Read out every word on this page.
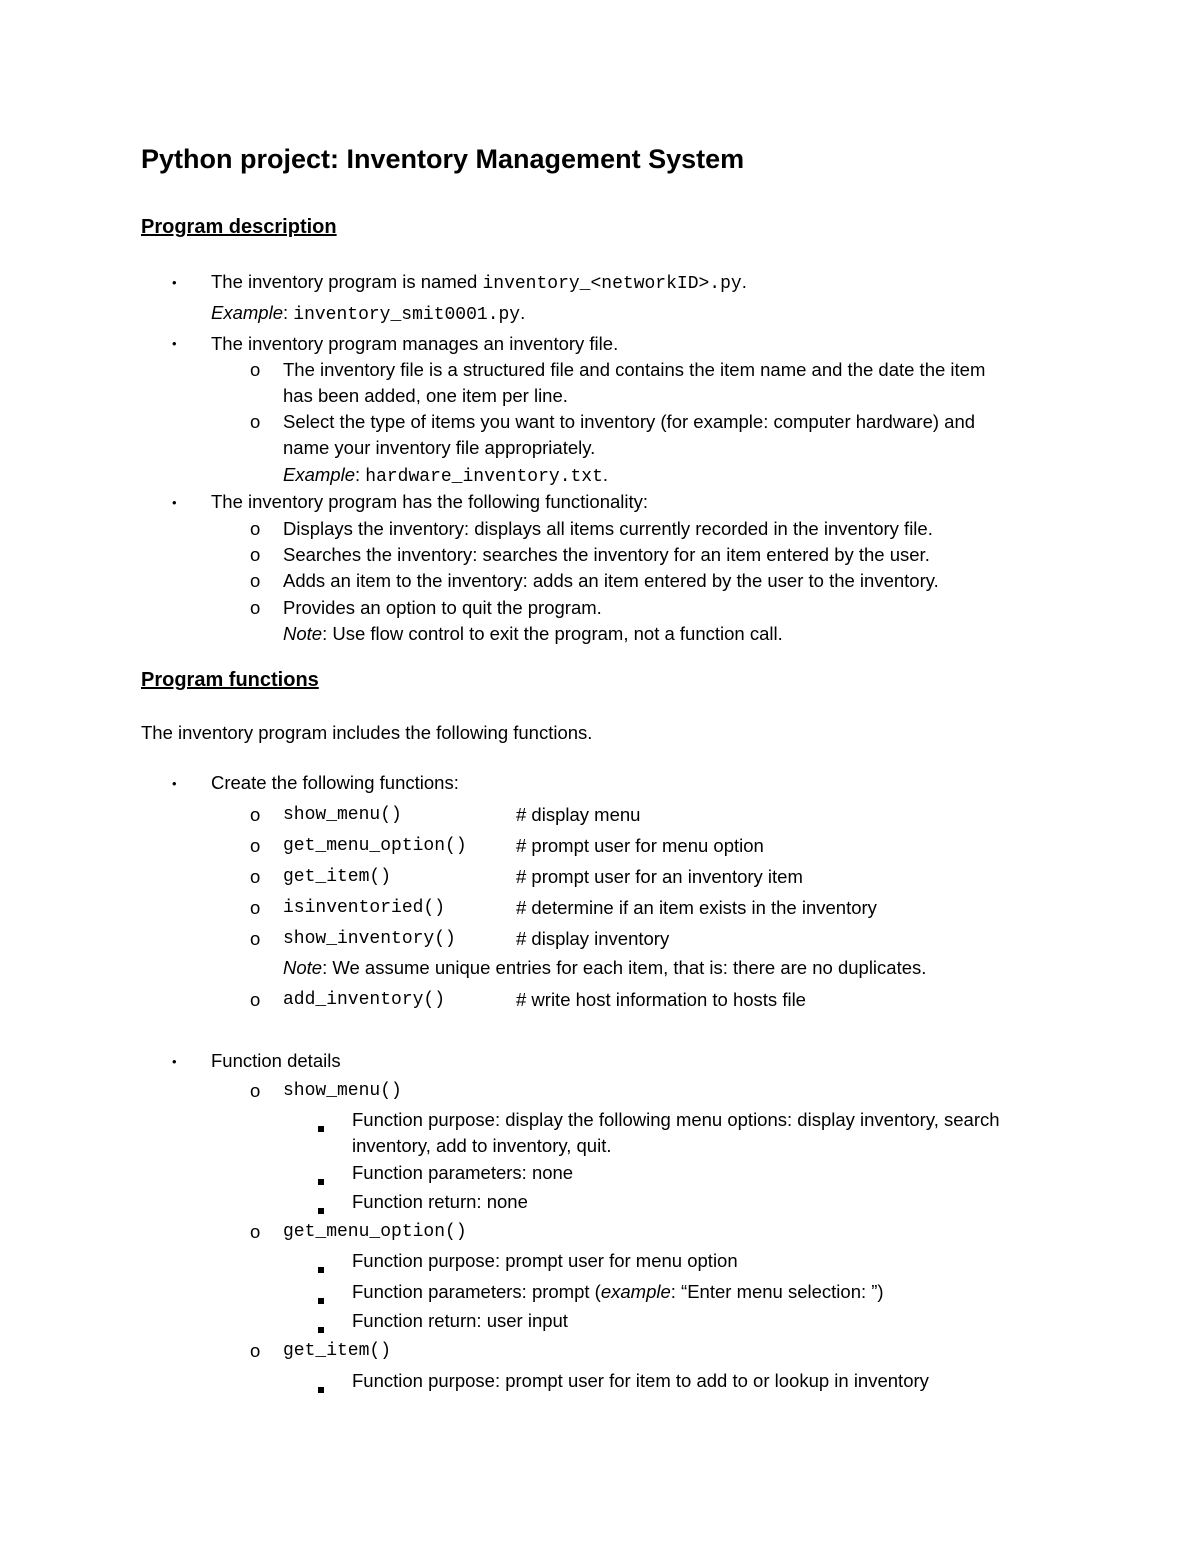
Python project: Inventory Management System
Program description
• The inventory program is named inventory_<networkID>.py.
Example: inventory_smit0001.py.
• The inventory program manages an inventory file.
o The inventory file is a structured file and contains the item name and the date the item
has been added, one item per line.
o Select the type of items you want to inventory (for example: computer hardware) and
name your inventory file appropriately.
Example: hardware_inventory.txt.
• The inventory program has the following functionality:
o Displays the inventory: displays all items currently recorded in the inventory file.
o Searches the inventory: searches the inventory for an item entered by the user.
o Adds an item to the inventory: adds an item entered by the user to the inventory.
o Provides an option to quit the program.
Note: Use flow control to exit the program, not a function call.
Program functions
The inventory program includes the following functions.
• Create the following functions:
o show_menu()	# display menu
o get_menu_option()	# prompt user for menu option
o get_item()	# prompt user for an inventory item
o isinventoried()	# determine if an item exists in the inventory
o show_inventory()	# display inventory
Note: We assume unique entries for each item, that is: there are no duplicates.
o add_inventory()	# write host information to hosts file
• Function details
o show_menu()
Function purpose: display the following menu options: display inventory, search
inventory, add to inventory, quit.
Function parameters: none
Function return: none
o get_menu_option()
Function purpose: prompt user for menu option
Function parameters: prompt (example: “Enter menu selection: ”)
Function return: user input
o get_item()
Function purpose: prompt user for item to add to or lookup in inventory
